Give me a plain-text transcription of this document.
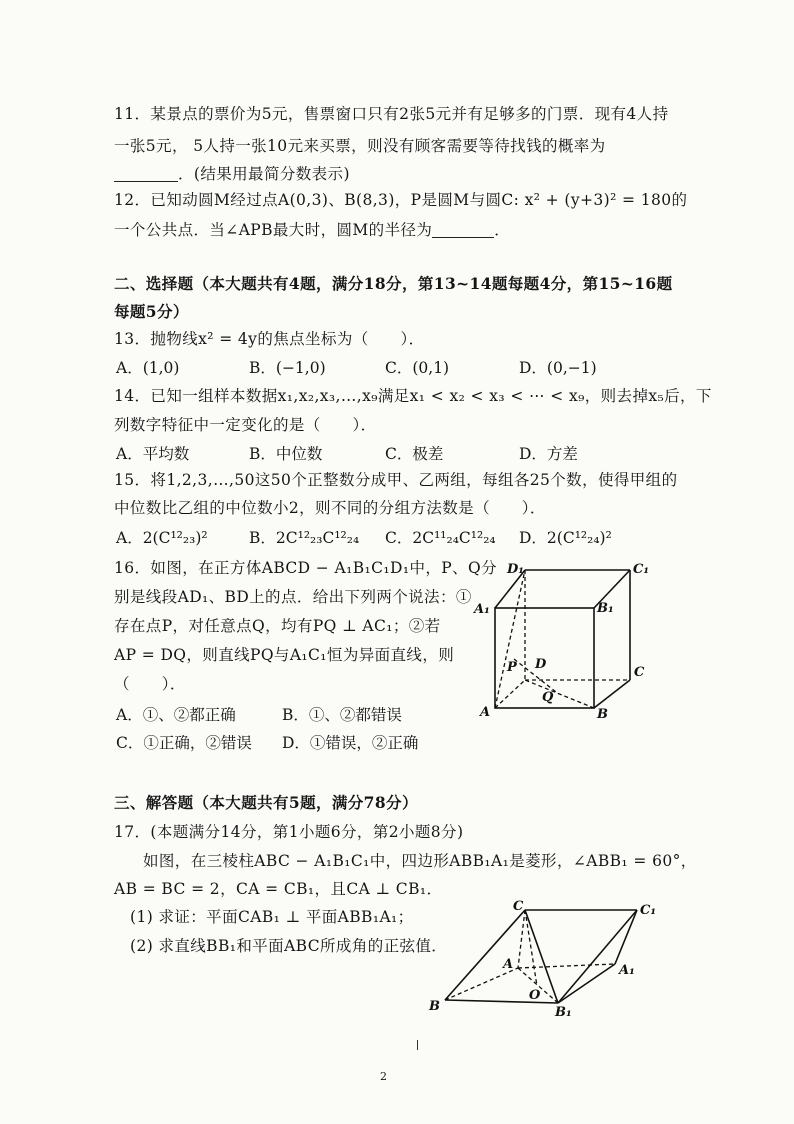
11．某景点的票价为5元，售票窗口只有2张5元并有足够多的门票．现有4人持
一张5元， 5人持一张10元来买票，则没有顾客需要等待找钱的概率为
．(结果用最简分数表示)
12．已知动圆M经过点A(0,3)、B(8,3)，P是圆M与圆C: x² + (y+3)² = 180的
一个公共点．当∠APB最大时，圆M的半径为	．
二、选择题（本大题共有4题，满分18分，第13~14题每题4分，第15~16题
每题5分）
13．抛物线x² = 4y的焦点坐标为（　　）．
A．(1,0)	B．(−1,0)	C．(0,1)	D．(0,−1)
14．已知一组样本数据x₁,x₂,x₃,…,x₉满足x₁ < x₂ < x₃ < ⋯ < x₉，则去掉x₅后，下
列数字特征中一定变化的是（　　）．
A．平均数	B．中位数	C．极差	D．方差
15．将1,2,3,…,50这50个正整数分成甲、乙两组，每组各25个数，使得甲组的
中位数比乙组的中位数小2，则不同的分组方法数是（　　）．
A．2(C¹²₂₃)²	B．2C¹²₂₃C¹²₂₄ C．2C¹¹₂₄C¹²₂₄ D．2(C¹²₂₄)²
16．如图，在正方体ABCD − A₁B₁C₁D₁中，P、Q分
别是线段AD₁、BD上的点．给出下列两个说法：①
存在点P，对任意点Q，均有PQ ⊥ AC₁；②若
AP = DQ，则直线PQ与A₁C₁恒为异面直线，则
（　　）．
A．①、②都正确	B．①、②都错误
C．①正确，②错误 D．①错误，②正确
D₁	C₁
A₁	B₁
P D
C
Q
A	B
三、解答题（本大题共有5题，满分78分）
17．(本题满分14分，第1小题6分，第2小题8分)
如图，在三棱柱ABC − A₁B₁C₁中，四边形ABB₁A₁是菱形，∠ABB₁ = 60°，
AB = BC = 2，CA = CB₁，且CA ⊥ CB₁．
(1) 求证：平面CAB₁ ⊥ 平面ABB₁A₁；
(2) 求直线BB₁和平面ABC所成角的正弦值．
C	C₁
A	A₁
O
B	B₁
2
